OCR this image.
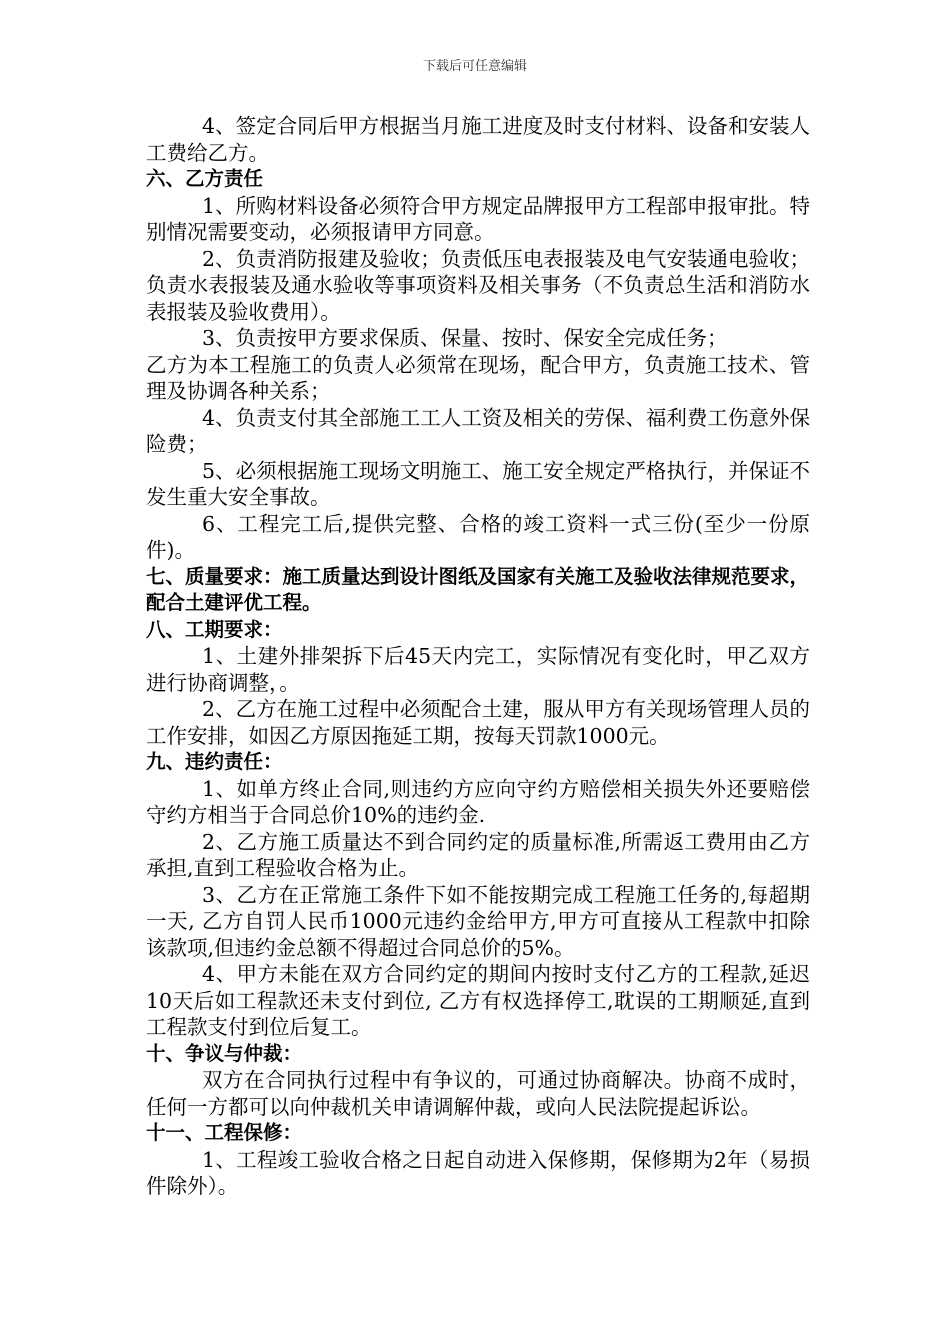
下载后可任意编辑

4、签定合同后甲方根据当月施工进度及时支付材料、设备和安装人工费给乙方。

六、乙方责任

1、所购材料设备必须符合甲方规定品牌报甲方工程部申报审批。特别情况需要变动，必须报请甲方同意。

2、负责消防报建及验收；负责低压电表报装及电气安装通电验收；负责水表报装及通水验收等事项资料及相关事务（不负责总生活和消防水表报装及验收费用）。

3、负责按甲方要求保质、保量、按时、保安全完成任务；

乙方为本工程施工的负责人必须常在现场，配合甲方，负责施工技术、管理及协调各种关系；

4、负责支付其全部施工工人工资及相关的劳保、福利费工伤意外保险费；

5、必须根据施工现场文明施工、施工安全规定严格执行，并保证不发生重大安全事故。

6、工程完工后,提供完整、合格的竣工资料一式三份(至少一份原件)。

七、质量要求：施工质量达到设计图纸及国家有关施工及验收法律规范要求，配合土建评优工程。

八、工期要求：

1、土建外排架拆下后45天内完工，实际情况有变化时，甲乙双方进行协商调整，。

2、乙方在施工过程中必须配合土建，服从甲方有关现场管理人员的工作安排，如因乙方原因拖延工期，按每天罚款1000元。

九、违约责任：

1、如单方终止合同,则违约方应向守约方赔偿相关损失外还要赔偿守约方相当于合同总价10%的违约金.

2、乙方施工质量达不到合同约定的质量标准,所需返工费用由乙方承担,直到工程验收合格为止。

3、乙方在正常施工条件下如不能按期完成工程施工任务的,每超期一天, 乙方自罚人民币1000元违约金给甲方,甲方可直接从工程款中扣除该款项,但违约金总额不得超过合同总价的5%。

4、甲方未能在双方合同约定的期间内按时支付乙方的工程款,延迟10天后如工程款还未支付到位, 乙方有权选择停工,耽误的工期顺延,直到工程款支付到位后复工。

十、争议与仲裁：

双方在合同执行过程中有争议的，可通过协商解决。协商不成时，任何一方都可以向仲裁机关申请调解仲裁，或向人民法院提起诉讼。

十一、工程保修：

1、工程竣工验收合格之日起自动进入保修期，保修期为2年（易损件除外）。
